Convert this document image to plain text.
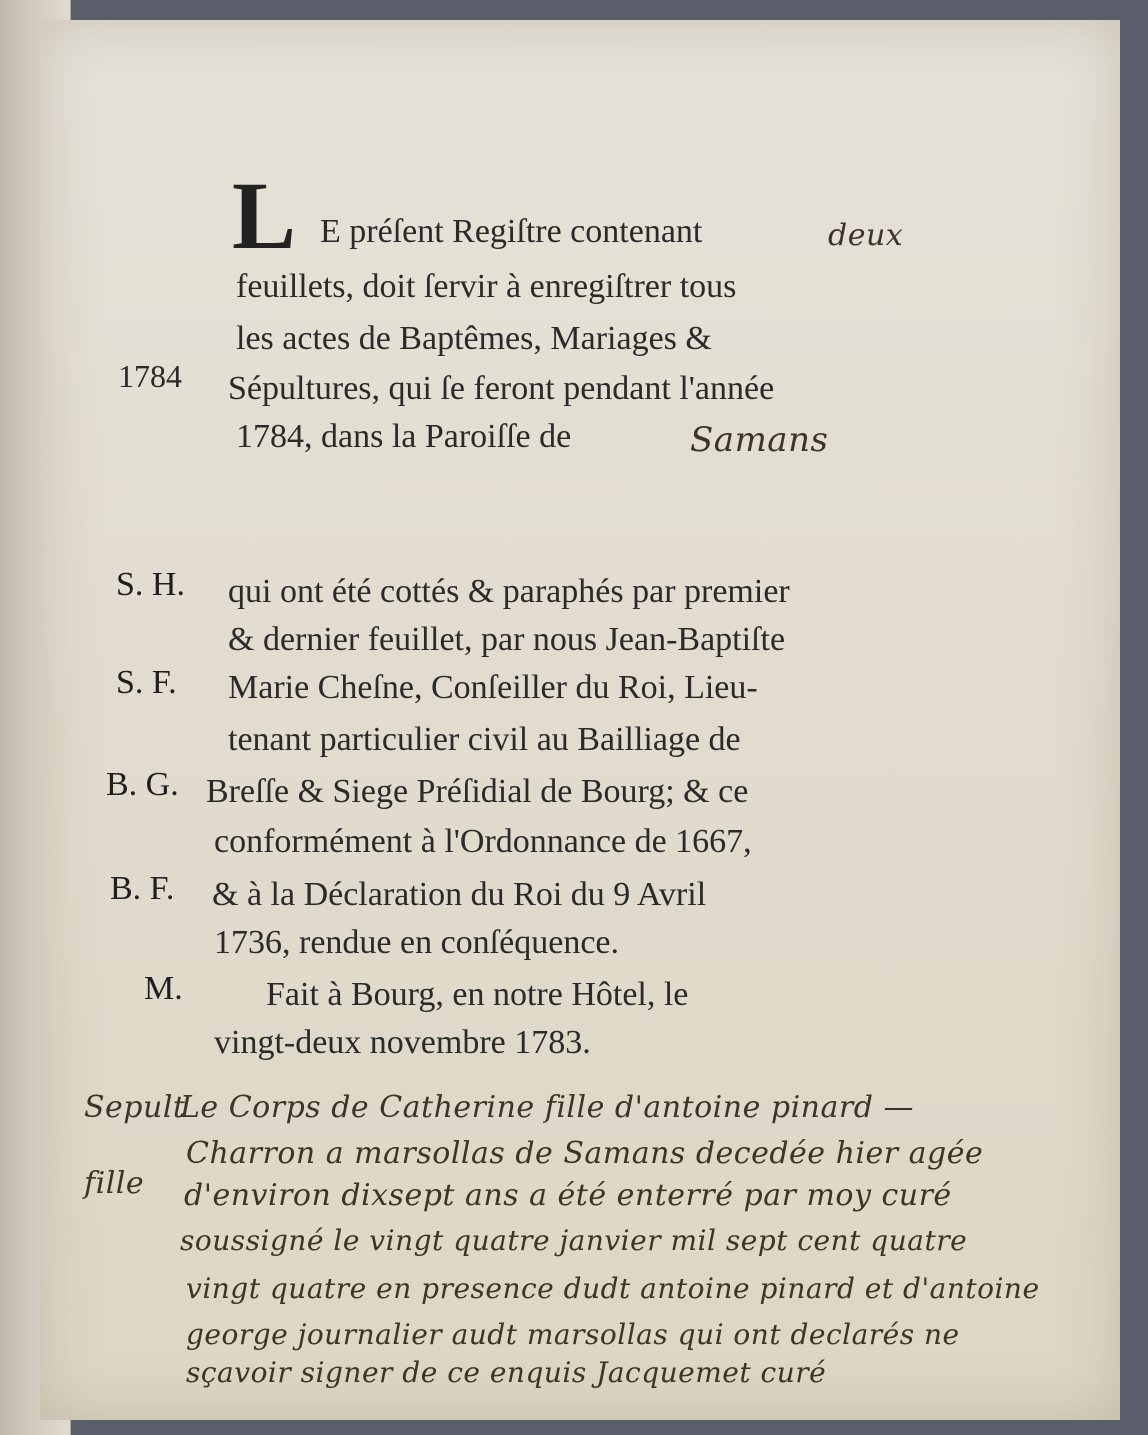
L E préſent Regiſtre contenant	deux
feuillets, doit ſervir à enregiſtrer tous
les actes de Baptêmes, Mariages &
1784 Sépultures, qui ſe feront pendant l'année
1784, dans la Paroiſſe de	Samans
S. H.
S. F.
B. G.
B. F.
M.
qui ont été cottés & paraphés par premier
& dernier feuillet, par nous Jean-Baptiſte
Marie Cheſne, Conſeiller du Roi, Lieu-
tenant particulier civil au Bailliage de
Breſſe & Siege Préſidial de Bourg; & ce
conformément à l'Ordonnance de 1667,
& à la Déclaration du Roi du 9 Avril
1736, rendue en conſéquence.
Fait à Bourg, en notre Hôtel, le
vingt-deux novembre 1783.
Sepult
fille
Le Corps de Catherine fille d'antoine pinard —
Charron a marsollas de Samans decedée hier agée
d'environ dixsept ans a été enterré par moy curé
soussigné le vingt quatre janvier mil sept cent quatre
vingt quatre en presence dudt antoine pinard et d'antoine
george journalier audt marsollas qui ont declarés ne
sçavoir signer de ce enquis Jacquemet curé
